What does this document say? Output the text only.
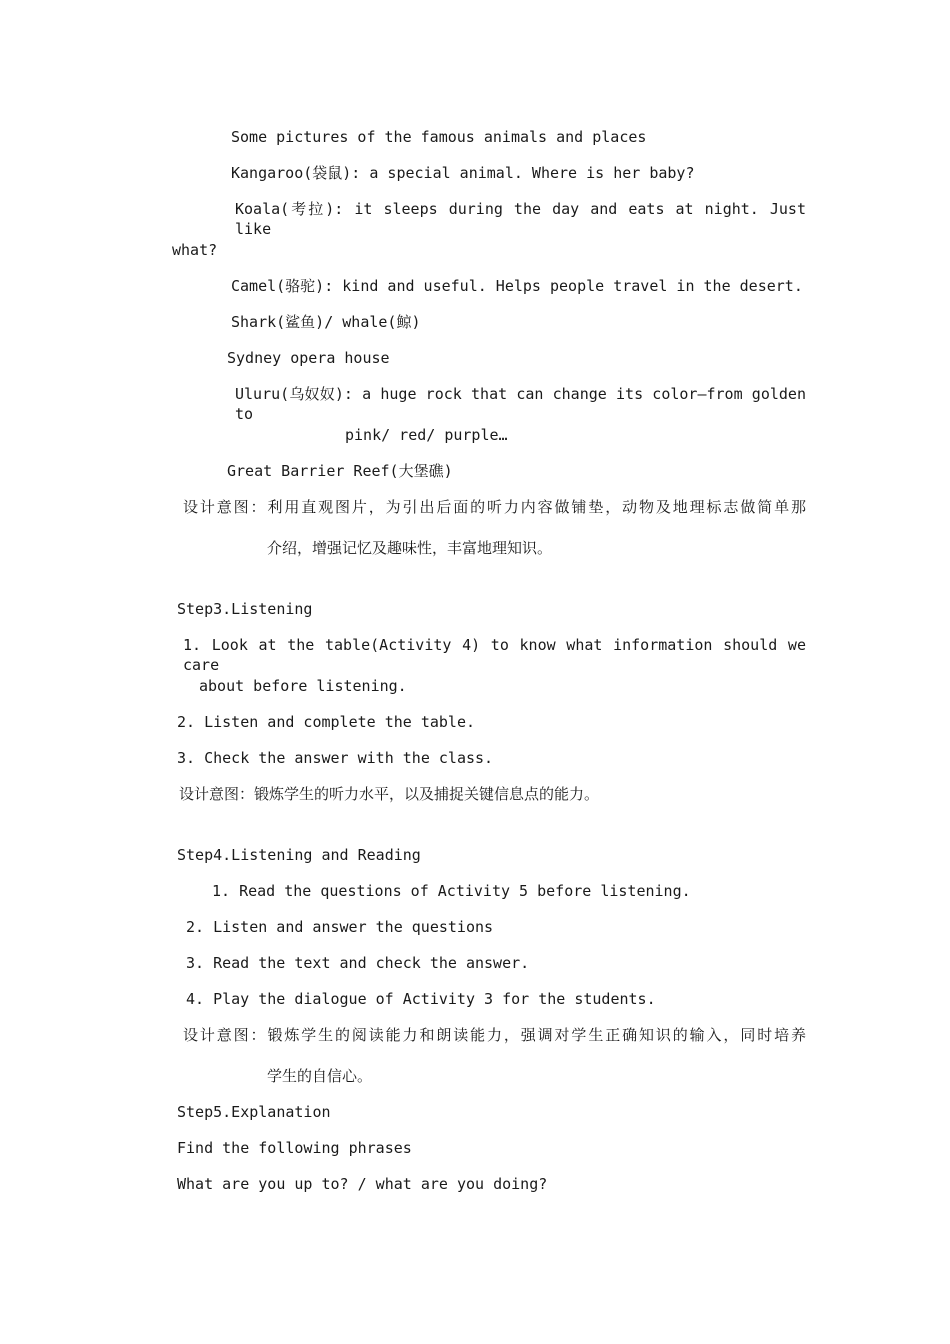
Some pictures of the famous animals and places
Kangaroo(袋鼠): a special animal. Where is her baby?
Koala(考拉): it sleeps during the day and eats at night. Just like
what?
Camel(骆驼): kind and useful. Helps people travel in the desert.
Shark(鲨鱼)/ whale(鲸)
Sydney opera house
Uluru(乌奴奴): a huge rock that can change its color—from golden to
pink/ red/ purple…
Great Barrier Reef(大堡礁)
设计意图：利用直观图片，为引出后面的听力内容做铺垫，动物及地理标志做简单那
介绍，增强记忆及趣味性，丰富地理知识。
Step3.Listening
1. Look at the table(Activity 4) to know what information should we care
about before listening.
2. Listen and complete the table.
3. Check the answer with the class.
设计意图：锻炼学生的听力水平，以及捕捉关键信息点的能力。
Step4.Listening and Reading
1. Read the questions of Activity 5 before listening.
2. Listen and answer the questions
3. Read the text and check the answer.
4. Play the dialogue of Activity 3 for the students.
设计意图：锻炼学生的阅读能力和朗读能力，强调对学生正确知识的输入，同时培养
学生的自信心。
Step5.Explanation
Find the following phrases
What are you up to? / what are you doing?
